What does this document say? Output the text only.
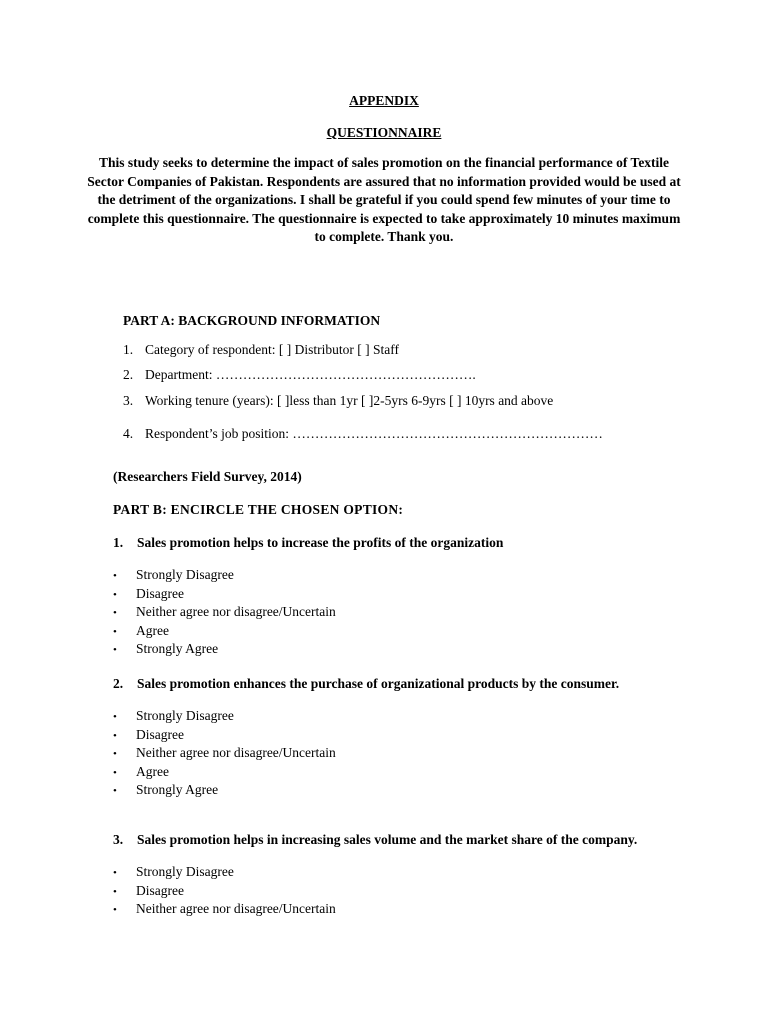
APPENDIX
QUESTIONNAIRE

This study seeks to determine the impact of sales promotion on the financial performance of Textile Sector Companies of Pakistan. Respondents are assured that no information provided would be used at the detriment of the organizations. I shall be grateful if you could spend few minutes of your time to complete this questionnaire. The questionnaire is expected to take approximately 10 minutes maximum to complete. Thank you.

PART A: BACKGROUND INFORMATION
1. Category of respondent: [ ] Distributor [ ] Staff
2. Department: ………………………………………………….
3. Working tenure (years): [ ]less than 1yr [ ]2-5yrs 6-9yrs [ ] 10yrs and above
4. Respondent’s job position: ……………………………………………………………
(Researchers Field Survey, 2014)
PART B: ENCIRCLE THE CHOSEN OPTION:
1. Sales promotion helps to increase the profits of the organization
• Strongly Disagree
• Disagree
• Neither agree nor disagree/Uncertain
• Agree
• Strongly Agree
2. Sales promotion enhances the purchase of organizational products by the consumer.
• Strongly Disagree
• Disagree
• Neither agree nor disagree/Uncertain
• Agree
• Strongly Agree
3. Sales promotion helps in increasing sales volume and the market share of the company.
• Strongly Disagree
• Disagree
• Neither agree nor disagree/Uncertain
